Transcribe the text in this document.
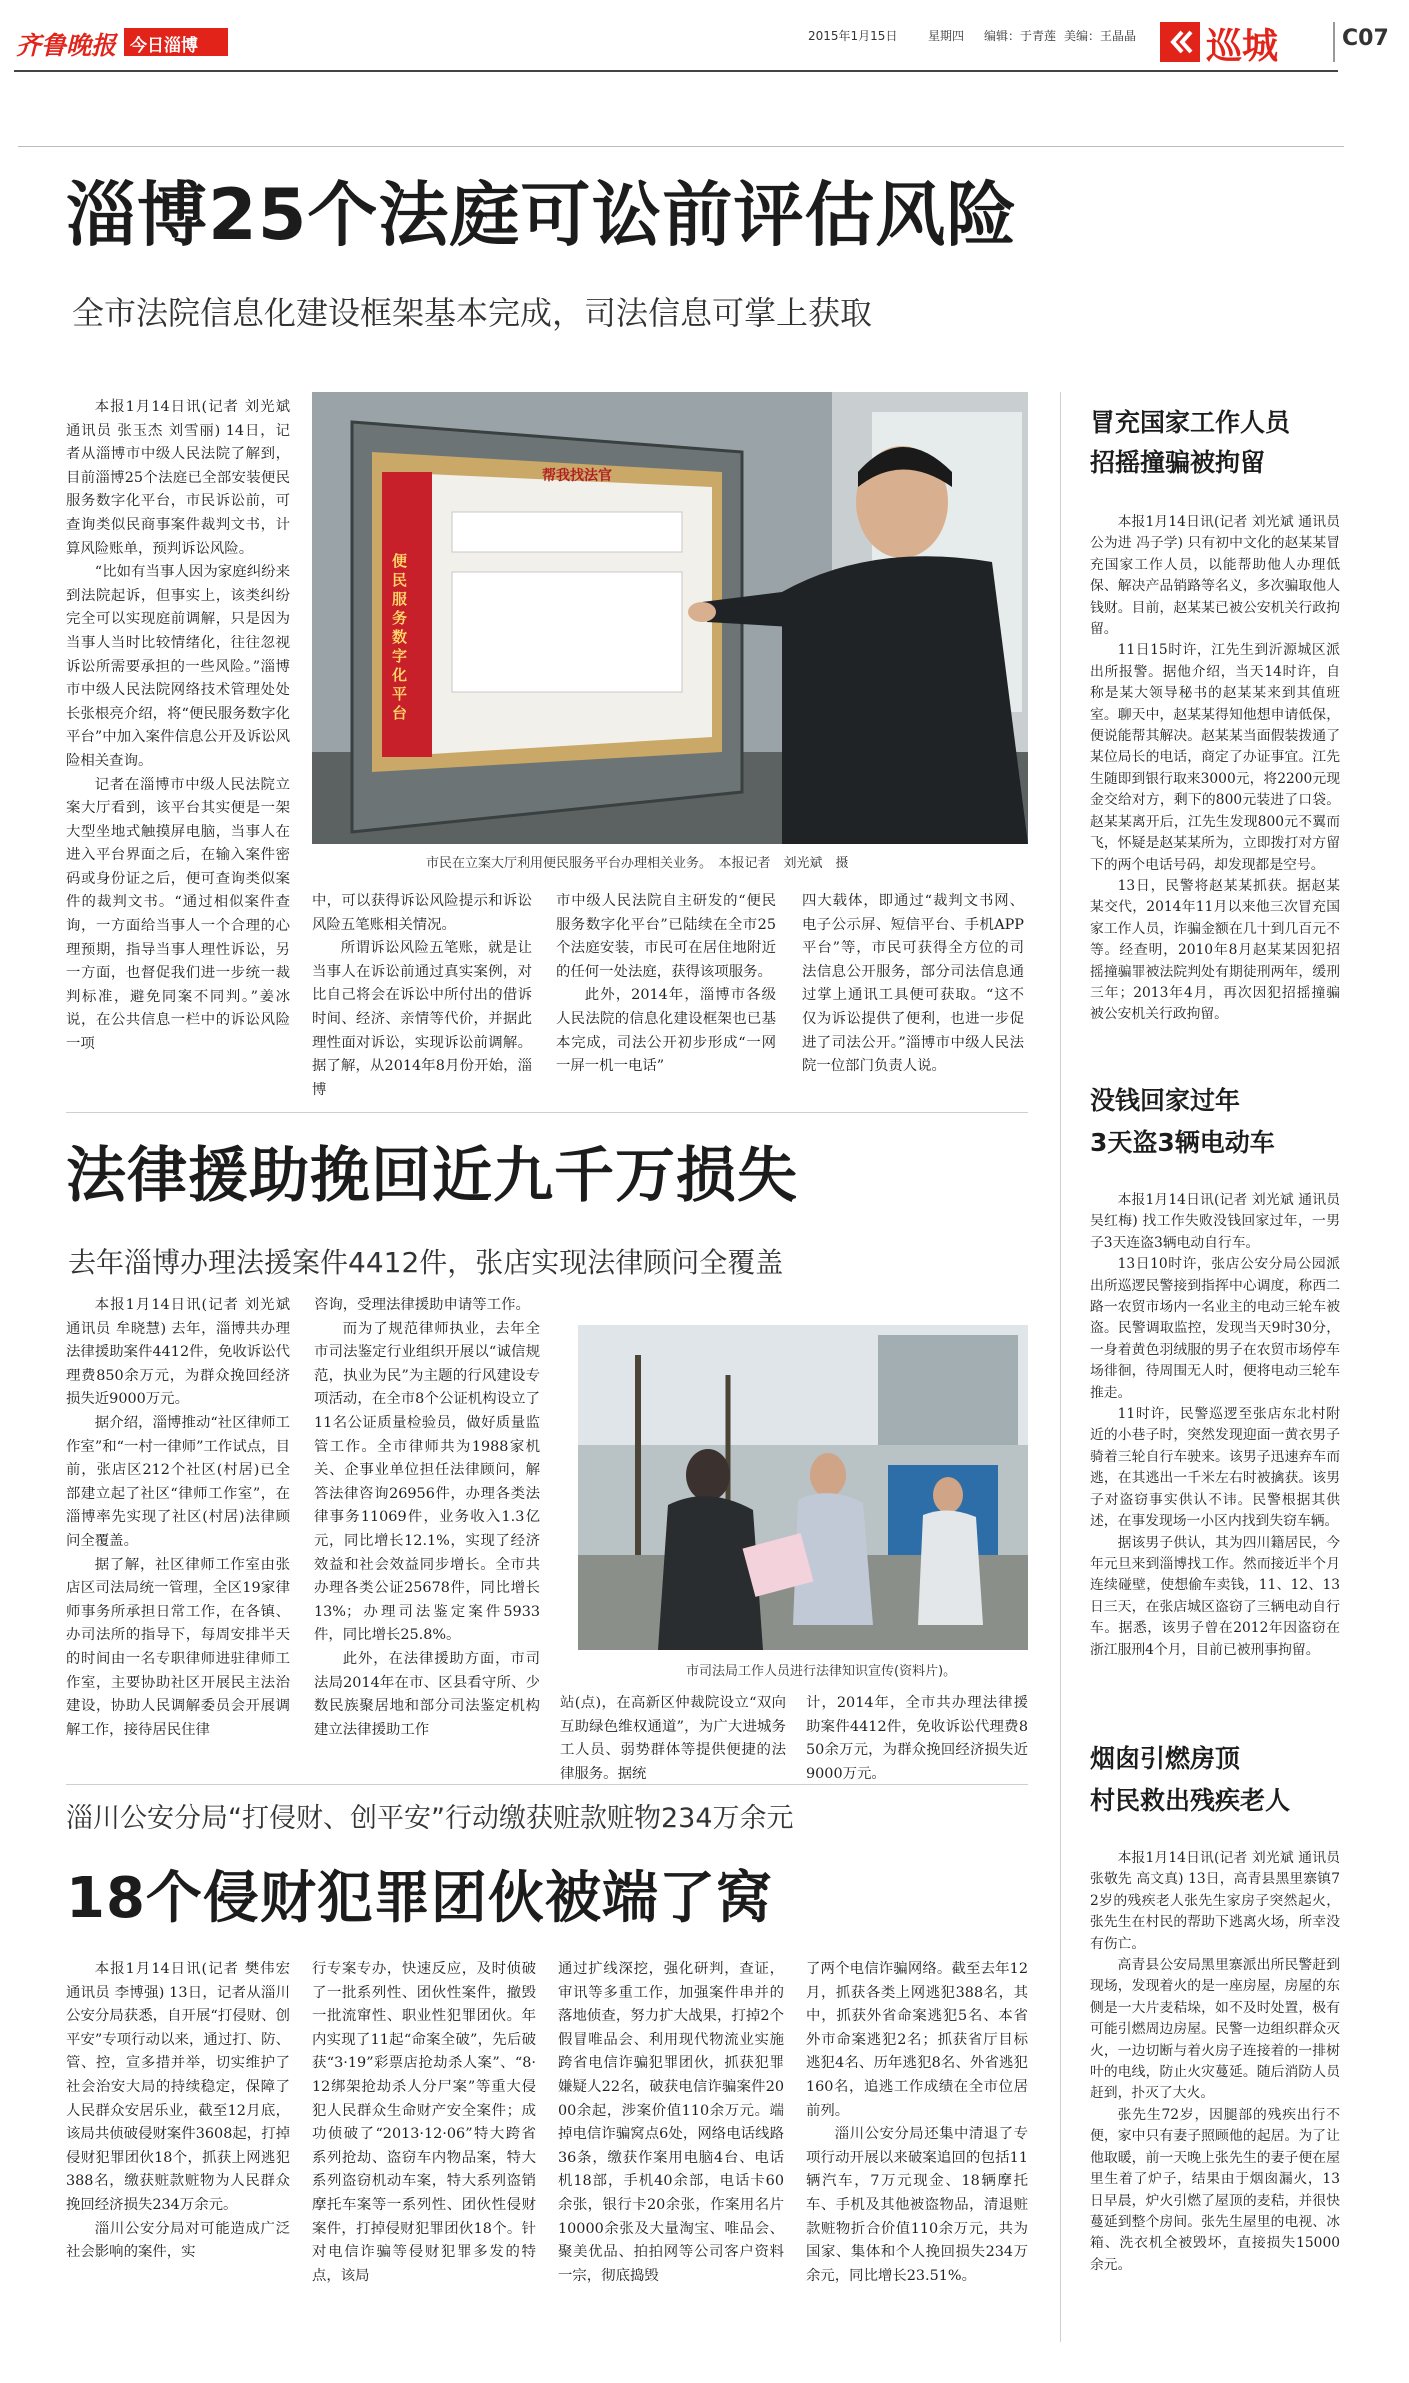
齐鲁晚报 今日淄博	2015年1月15日	星期四 编辑：于青莲 美编：王晶晶 巡城	C07
淄博25个法庭可讼前评估风险
全市法院信息化建设框架基本完成，司法信息可掌上获取
帮我找法官
便民服务数字化平台
市民在立案大厅利用便民服务平台办理相关业务。　本报记者　刘光斌　摄

本报1月14日讯(记者 刘光斌 通讯员 张玉杰 刘雪丽) 14日，记者从淄博市中级人民法院了解到，目前淄博25个法庭已全部安装便民服务数字化平台，市民诉讼前，可查询类似民商事案件裁判文书，计算风险账单，预判诉讼风险。

“比如有当事人因为家庭纠纷来到法院起诉，但事实上，该类纠纷完全可以实现庭前调解，只是因为当事人当时比较情绪化，往往忽视诉讼所需要承担的一些风险。”淄博市中级人民法院网络技术管理处处长张根亮介绍，将“便民服务数字化平台”中加入案件信息公开及诉讼风险相关查询。

记者在淄博市中级人民法院立案大厅看到，该平台其实便是一架大型坐地式触摸屏电脑，当事人在进入平台界面之后，在输入案件密码或身份证之后，便可查询类似案件的裁判文书。“通过相似案件查询，一方面给当事人一个合理的心理预期，指导当事人理性诉讼，另一方面，也督促我们进一步统一裁判标准，避免同案不同判。”姜冰说，在公共信息一栏中的诉讼风险一项

中，可以获得诉讼风险提示和诉讼风险五笔账相关情况。

所谓诉讼风险五笔账，就是让当事人在诉讼前通过真实案例，对比自己将会在诉讼中所付出的借诉时间、经济、亲情等代价，并据此理性面对诉讼，实现诉讼前调解。据了解，从2014年8月份开始，淄博

市中级人民法院自主研发的“便民服务数字化平台”已陆续在全市25个法庭安装，市民可在居住地附近的任何一处法庭，获得该项服务。

此外，2014年，淄博市各级人民法院的信息化建设框架也已基本完成，司法公开初步形成“一网一屏一机一电话”

四大载体，即通过“裁判文书网、电子公示屏、短信平台、手机APP平台”等，市民可获得全方位的司法信息公开服务，部分司法信息通过掌上通讯工具便可获取。“这不仅为诉讼提供了便利，也进一步促进了司法公开。”淄博市中级人民法院一位部门负责人说。

冒充国家工作人员
招摇撞骗被拘留

本报1月14日讯(记者 刘光斌 通讯员 公为进 冯子学) 只有初中文化的赵某某冒充国家工作人员，以能帮助他人办理低保、解决产品销路等名义，多次骗取他人钱财。目前，赵某某已被公安机关行政拘留。

11日15时许，江先生到沂源城区派出所报警。据他介绍，当天14时许，自称是某大领导秘书的赵某某来到其值班室。聊天中，赵某某得知他想申请低保，便说能帮其解决。赵某某当面假装拨通了某位局长的电话，商定了办证事宜。江先生随即到银行取来3000元，将2200元现金交给对方，剩下的800元装进了口袋。赵某某离开后，江先生发现800元不翼而飞，怀疑是赵某某所为，立即拨打对方留下的两个电话号码，却发现都是空号。

13日，民警将赵某某抓获。据赵某某交代，2014年11月以来他三次冒充国家工作人员，诈骗金额在几十到几百元不等。经查明，2010年8月赵某某因犯招摇撞骗罪被法院判处有期徒刑两年，缓刑三年；2013年4月，再次因犯招摇撞骗被公安机关行政拘留。

没钱回家过年
3天盗3辆电动车

本报1月14日讯(记者 刘光斌 通讯员 吴红梅) 找工作失败没钱回家过年，一男子3天连盗3辆电动自行车。

13日10时许，张店公安分局公园派出所巡逻民警接到指挥中心调度，称西二路一农贸市场内一名业主的电动三轮车被盗。民警调取监控，发现当天9时30分，一身着黄色羽绒服的男子在农贸市场停车场徘徊，待周围无人时，便将电动三轮车推走。

11时许，民警巡逻至张店东北村附近的小巷子时，突然发现迎面一黄衣男子骑着三轮自行车驶来。该男子迅速弃车而逃，在其逃出一千米左右时被擒获。该男子对盗窃事实供认不讳。民警根据其供述，在事发现场一小区内找到失窃车辆。

据该男子供认，其为四川籍居民，今年元旦来到淄博找工作。然而接近半个月连续碰壁，使想偷车卖钱，11、12、13日三天，在张店城区盗窃了三辆电动自行车。据悉，该男子曾在2012年因盗窃在浙江服刑4个月，目前已被刑事拘留。

烟囱引燃房顶
村民救出残疾老人

本报1月14日讯(记者 刘光斌 通讯员 张敬先 高文真) 13日，高青县黑里寨镇72岁的残疾老人张先生家房子突然起火，张先生在村民的帮助下逃离火场，所幸没有伤亡。

高青县公安局黑里寨派出所民警赶到现场，发现着火的是一座房屋，房屋的东侧是一大片麦秸垛，如不及时处置，极有可能引燃周边房屋。民警一边组织群众灭火，一边切断与着火房子连接着的一排树叶的电线，防止火灾蔓延。随后消防人员赶到，扑灭了大火。

张先生72岁，因腿部的残疾出行不便，家中只有妻子照顾他的起居。为了让他取暖，前一天晚上张先生的妻子便在屋里生着了炉子，结果由于烟囱漏火，13日早晨，炉火引燃了屋顶的麦秸，并很快蔓延到整个房间。张先生屋里的电视、冰箱、洗衣机全被毁坏，直接损失15000余元。

法律援助挽回近九千万损失
去年淄博办理法援案件4412件，张店实现法律顾问全覆盖
市司法局工作人员进行法律知识宣传(资料片)。

本报1月14日讯(记者 刘光斌 通讯员 牟晓慧) 去年，淄博共办理法律援助案件4412件，免收诉讼代理费850余万元，为群众挽回经济损失近9000万元。

据介绍，淄博推动“社区律师工作室”和“一村一律师”工作试点，目前，张店区212个社区(村居)已全部建立起了社区“律师工作室”，在淄博率先实现了社区(村居)法律顾问全覆盖。

据了解，社区律师工作室由张店区司法局统一管理，全区19家律师事务所承担日常工作，在各镇、办司法所的指导下，每周安排半天的时间由一名专职律师进驻律师工作室，主要协助社区开展民主法治建设，协助人民调解委员会开展调解工作，接待居民住律

咨询，受理法律援助申请等工作。

而为了规范律师执业，去年全市司法鉴定行业组织开展以“诚信规范，执业为民”为主题的行风建设专项活动，在全市8个公证机构设立了11名公证质量检验员，做好质量监管工作。全市律师共为1988家机关、企事业单位担任法律顾问，解答法律咨询26956件，办理各类法律事务11069件，业务收入1.3亿元，同比增长12.1%，实现了经济效益和社会效益同步增长。全市共办理各类公证25678件，同比增长13%；办理司法鉴定案件5933件，同比增长25.8%。

此外，在法律援助方面，市司法局2014年在市、区县看守所、少数民族聚居地和部分司法鉴定机构建立法律援助工作

站(点)，在高新区仲裁院设立“双向互助绿色维权通道”，为广大进城务工人员、弱势群体等提供便捷的法律服务。据统

计，2014年，全市共办理法律援助案件4412件，免收诉讼代理费850余万元，为群众挽回经济损失近9000万元。

淄川公安分局“打侵财、创平安”行动缴获赃款赃物234万余元
18个侵财犯罪团伙被端了窝

本报1月14日讯(记者 樊伟宏 通讯员 李博强) 13日，记者从淄川公安分局获悉，自开展“打侵财、创平安”专项行动以来，通过打、防、管、控，宣多措并举，切实维护了社会治安大局的持续稳定，保障了人民群众安居乐业，截至12月底，该局共侦破侵财案件3608起，打掉侵财犯罪团伙18个，抓获上网逃犯388名，缴获赃款赃物为人民群众挽回经济损失234万余元。

淄川公安分局对可能造成广泛社会影响的案件，实

行专案专办，快速反应，及时侦破了一批系列性、团伙性案件，撤毁一批流窜性、职业性犯罪团伙。年内实现了11起“命案全破”，先后破获“3·19”彩票店抢劫杀人案”、“8·12绑架抢劫杀人分尸案”等重大侵犯人民群众生命财产安全案件；成功侦破了“2013·12·06”特大跨省系列抢劫、盗窃车内物品案，特大系列盗窃机动车案，特大系列盗销摩托车案等一系列性、团伙性侵财案件，打掉侵财犯罪团伙18个。针对电信诈骗等侵财犯罪多发的特点，该局

通过扩线深挖，强化研判，查证，审讯等多重工作，加强案件串并的落地侦查，努力扩大战果，打掉2个假冒唯品会、利用现代物流业实施跨省电信诈骗犯罪团伙，抓获犯罪嫌疑人22名，破获电信诈骗案件2000余起，涉案价值110余万元。端掉电信诈骗窝点6处，网络电话线路36条，缴获作案用电脑4台、电话机18部，手机40余部，电话卡60余张，银行卡20余张，作案用名片10000余张及大量淘宝、唯品会、聚美优品、拍拍网等公司客户资料一宗，彻底捣毁

了两个电信诈骗网络。截至去年12月，抓获各类上网逃犯388名，其中，抓获外省命案逃犯5名、本省外市命案逃犯2名；抓获省厅目标逃犯4名、历年逃犯8名、外省逃犯160名，追逃工作成绩在全市位居前列。

淄川公安分局还集中清退了专项行动开展以来破案追回的包括11辆汽车，7万元现金、18辆摩托车、手机及其他被盗物品，清退赃款赃物折合价值110余万元，共为国家、集体和个人挽回损失234万余元，同比增长23.51%。
